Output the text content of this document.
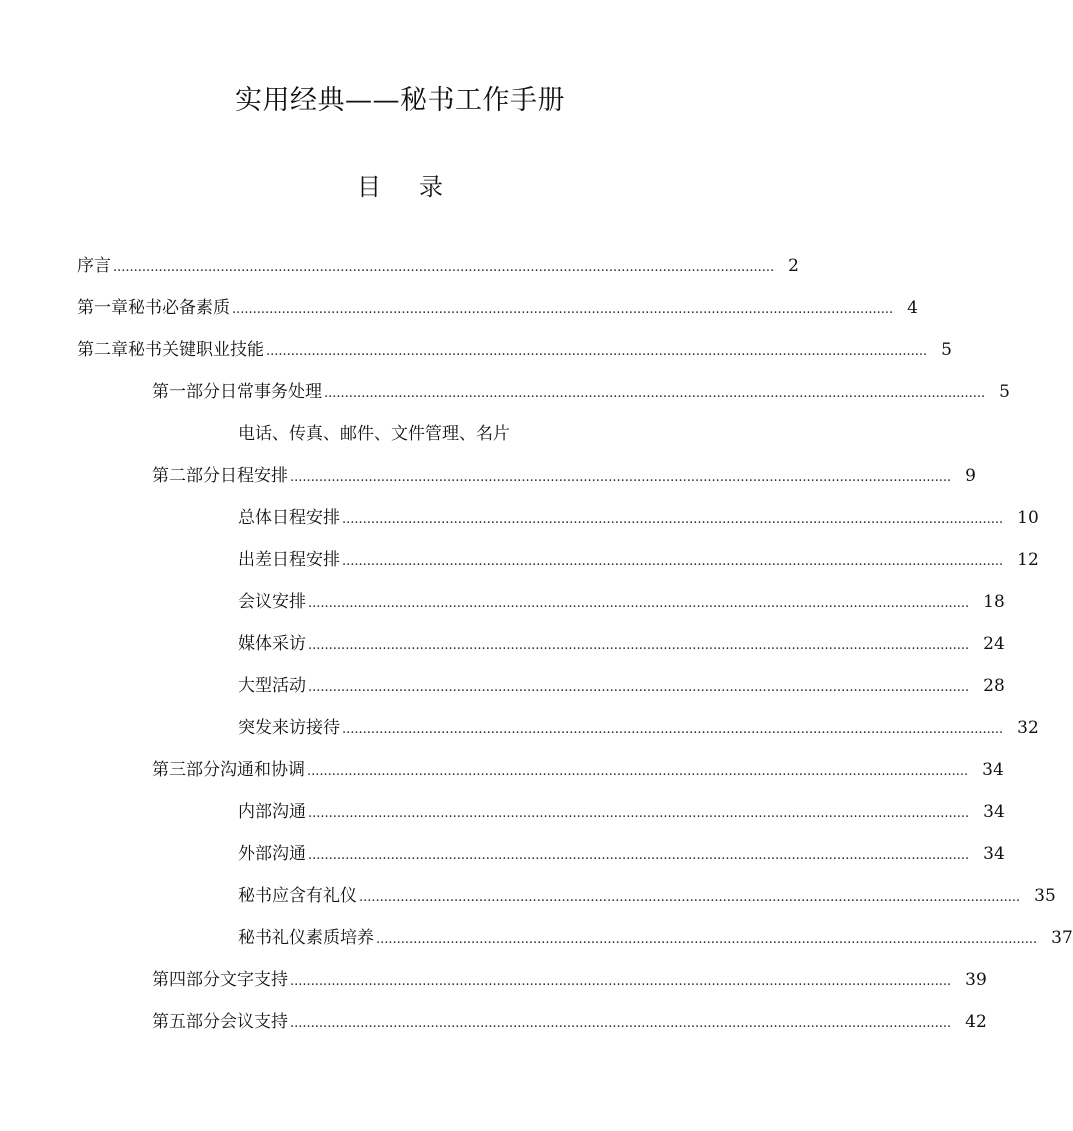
实用经典——秘书工作手册
目 录
序言 ................................................................................................................................................................ 2
第一章 秘书必备素质 ................................................................................................................................................................ 4
第二章 秘书关键职业技能 ................................................................................................................................................................ 5
第一部分 日常事务处理 ................................................................................................................................................................ 5
电话、传真、邮件、文件管理、名片
第二部分 日程安排 ................................................................................................................................................................ 9
总体日程安排 ................................................................................................................................................................ 10
出差日程安排 ................................................................................................................................................................ 12
会议安排 ................................................................................................................................................................ 18
媒体采访 ................................................................................................................................................................ 24
大型活动 ................................................................................................................................................................ 28
突发来访接待 ................................................................................................................................................................ 32
第三部分 沟通和协调 ................................................................................................................................................................ 34
内部沟通 ................................................................................................................................................................ 34
外部沟通 ................................................................................................................................................................ 34
秘书应含有礼仪 ................................................................................................................................................................ 35
秘书礼仪素质培养 ................................................................................................................................................................ 37
第四部分 文字支持 ................................................................................................................................................................ 39
第五部分 会议支持 ................................................................................................................................................................ 42
